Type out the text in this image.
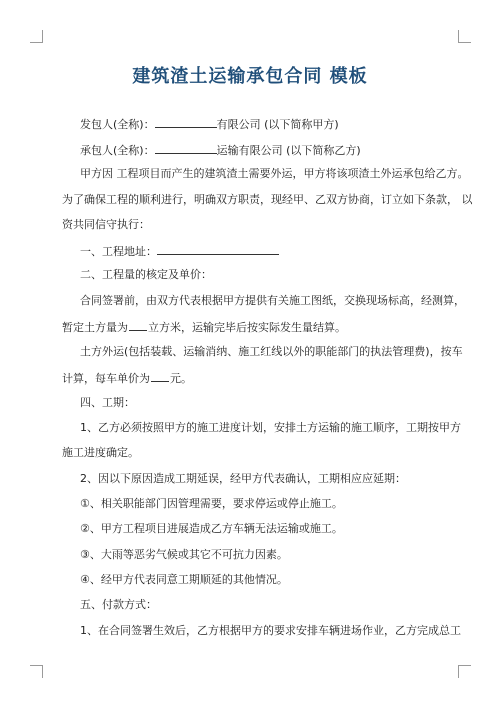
建筑渣土运输承包合同 模板
发包人(全称)：	有限公司 (以下简称甲方)
承包人(全称)：	运输有限公司 (以下简称乙方)
甲方因 工程项目而产生的建筑渣土需要外运，甲方将该项渣土外运承包给乙方。
为了确保工程的顺利进行，明确双方职责，现经甲、乙双方协商，订立如下条款， 以
资共同信守执行：
一、工程地址：
二、工程量的核定及单价：
合同签署前，由双方代表根据甲方提供有关施工图纸，交换现场标高，经测算，
暂定土方量为 立方米，运输完毕后按实际发生量结算。
土方外运(包括装载、运输消纳、施工红线以外的职能部门的执法管理费)，按车
计算，每车单价为 元。
四、工期：
1、乙方必须按照甲方的施工进度计划，安排土方运输的施工顺序，工期按甲方
施工进度确定。
2、因以下原因造成工期延误，经甲方代表确认，工期相应应延期：
①、相关职能部门因管理需要，要求停运或停止施工。
②、甲方工程项目进展造成乙方车辆无法运输或施工。
③、大雨等恶劣气候或其它不可抗力因素。
④、经甲方代表同意工期顺延的其他情况。
五、付款方式：
1、在合同签署生效后，乙方根据甲方的要求安排车辆进场作业，乙方完成总工
